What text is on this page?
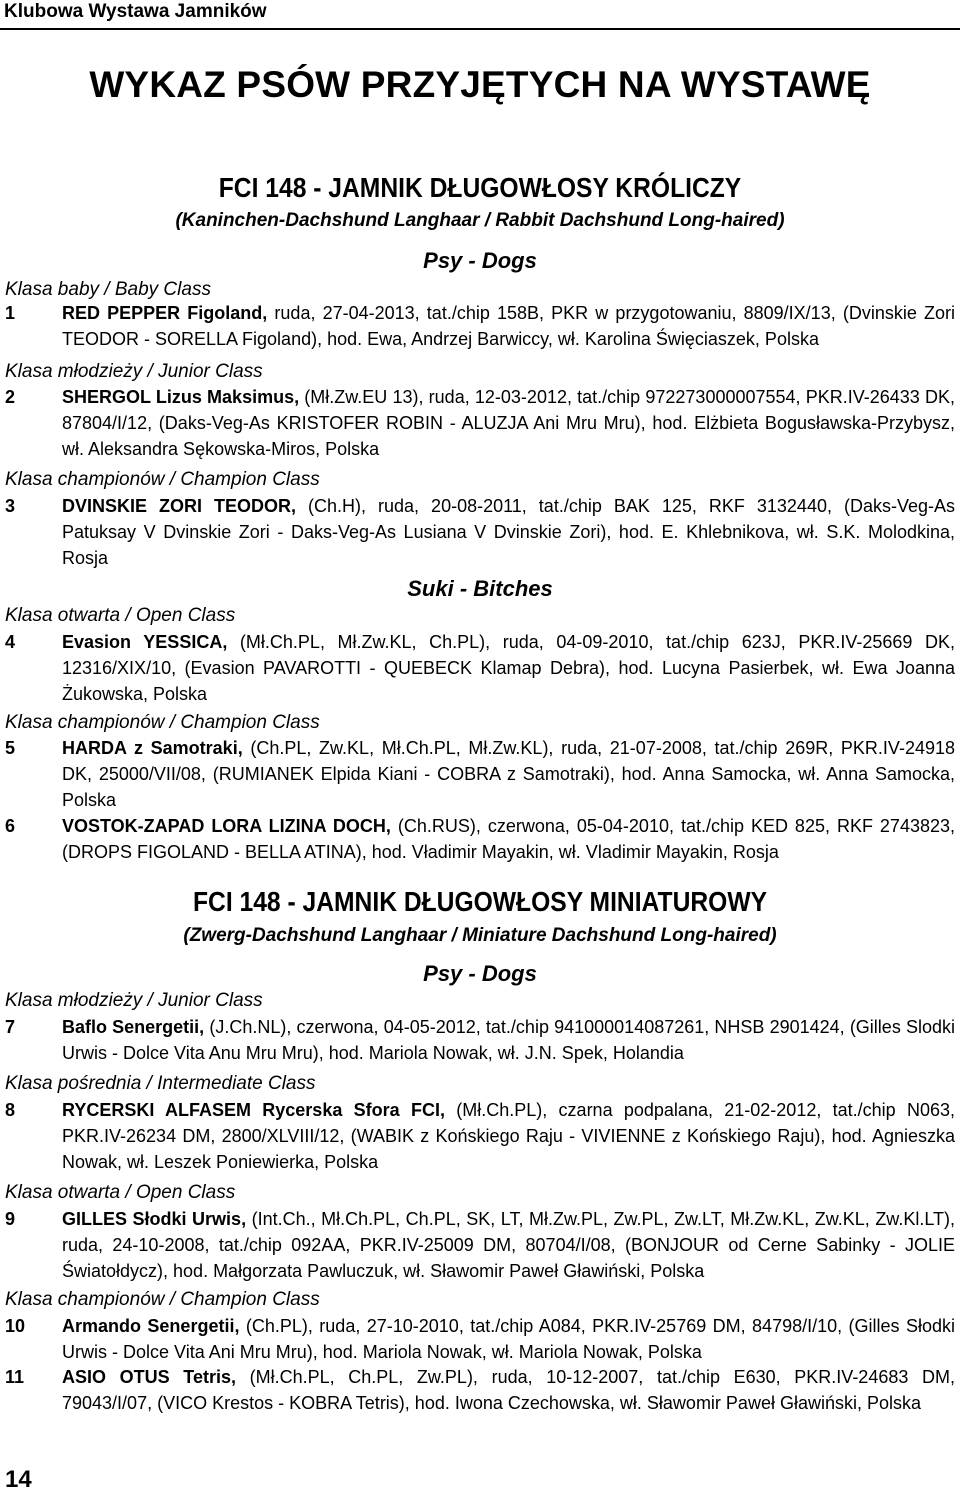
Klubowa Wystawa Jamników
WYKAZ PSÓW PRZYJĘTYCH NA WYSTAWĘ
FCI 148 - JAMNIK DŁUGOWŁOSY KRÓLICZY
(Kaninchen-Dachshund Langhaar / Rabbit Dachshund Long-haired)
Psy - Dogs
Klasa baby / Baby Class
1	RED PEPPER Figoland, ruda, 27-04-2013, tat./chip 158B, PKR w przygotowaniu, 8809/IX/13, (Dvinskie Zori TEODOR - SORELLA Figoland), hod. Ewa, Andrzej Barwiccy, wł. Karolina Święciaszek, Polska
Klasa młodzieży / Junior Class
2	SHERGOL Lizus Maksimus, (Mł.Zw.EU 13), ruda, 12-03-2012, tat./chip 972273000007554, PKR.IV-26433 DK, 87804/I/12, (Daks-Veg-As KRISTOFER ROBIN - ALUZJA Ani Mru Mru), hod. Elżbieta Bogusławska-Przybysz, wł. Aleksandra Sękowska-Miros, Polska
Klasa championów / Champion Class
3	DVINSKIE ZORI TEODOR, (Ch.H), ruda, 20-08-2011, tat./chip BAK 125, RKF 3132440, (Daks-Veg-As Patuksay V Dvinskie Zori - Daks-Veg-As Lusiana V Dvinskie Zori), hod. E. Khlebnikova, wł. S.K. Molodkina, Rosja
Suki - Bitches
Klasa otwarta / Open Class
4	Evasion YESSICA, (Mł.Ch.PL, Mł.Zw.KL, Ch.PL), ruda, 04-09-2010, tat./chip 623J, PKR.IV-25669 DK, 12316/XIX/10, (Evasion PAVAROTTI - QUEBECK Klamap Debra), hod. Lucyna Pasierbek, wł. Ewa Joanna Żukowska, Polska
Klasa championów / Champion Class
5	HARDA z Samotraki, (Ch.PL, Zw.KL, Mł.Ch.PL, Mł.Zw.KL), ruda, 21-07-2008, tat./chip 269R, PKR.IV-24918 DK, 25000/VII/08, (RUMIANEK Elpida Kiani - COBRA z Samotraki), hod. Anna Samocka, wł. Anna Samocka, Polska
6	VOSTOK-ZAPAD LORA LIZINA DOCH, (Ch.RUS), czerwona, 05-04-2010, tat./chip KED 825, RKF 2743823, (DROPS FIGOLAND - BELLA ATINA), hod. Vładimir Mayakin, wł. Vladimir Mayakin, Rosja
FCI 148 - JAMNIK DŁUGOWŁOSY MINIATUROWY
(Zwerg-Dachshund Langhaar / Miniature Dachshund Long-haired)
Psy - Dogs
Klasa młodzieży / Junior Class
7	Baflo Senergetii, (J.Ch.NL), czerwona, 04-05-2012, tat./chip 941000014087261, NHSB 2901424, (Gilles Slodki Urwis - Dolce Vita Anu Mru Mru), hod. Mariola Nowak, wł. J.N. Spek, Holandia
Klasa pośrednia / Intermediate Class
8	RYCERSKI ALFASEM Rycerska Sfora FCI, (Mł.Ch.PL), czarna podpalana, 21-02-2012, tat./chip N063, PKR.IV-26234 DM, 2800/XLVIII/12, (WABIK z Końskiego Raju - VIVIENNE z Końskiego Raju), hod. Agnieszka Nowak, wł. Leszek Poniewierka, Polska
Klasa otwarta / Open Class
9	GILLES Słodki Urwis, (Int.Ch., Mł.Ch.PL, Ch.PL, SK, LT, Mł.Zw.PL, Zw.PL, Zw.LT, Mł.Zw.KL, Zw.KL, Zw.Kl.LT), ruda, 24-10-2008, tat./chip 092AA, PKR.IV-25009 DM, 80704/I/08, (BONJOUR od Cerne Sabinky - JOLIE Światołdycz), hod. Małgorzata Pawluczuk, wł. Sławomir Paweł Gławiński, Polska
Klasa championów / Champion Class
10 Armando Senergetii, (Ch.PL), ruda, 27-10-2010, tat./chip A084, PKR.IV-25769 DM, 84798/I/10, (Gilles Słodki Urwis - Dolce Vita Ani Mru Mru), hod. Mariola Nowak, wł. Mariola Nowak, Polska
11 ASIO OTUS Tetris, (Mł.Ch.PL, Ch.PL, Zw.PL), ruda, 10-12-2007, tat./chip E630, PKR.IV-24683 DM, 79043/I/07, (VICO Krestos - KOBRA Tetris), hod. Iwona Czechowska, wł. Sławomir Paweł Gławiński, Polska
14
